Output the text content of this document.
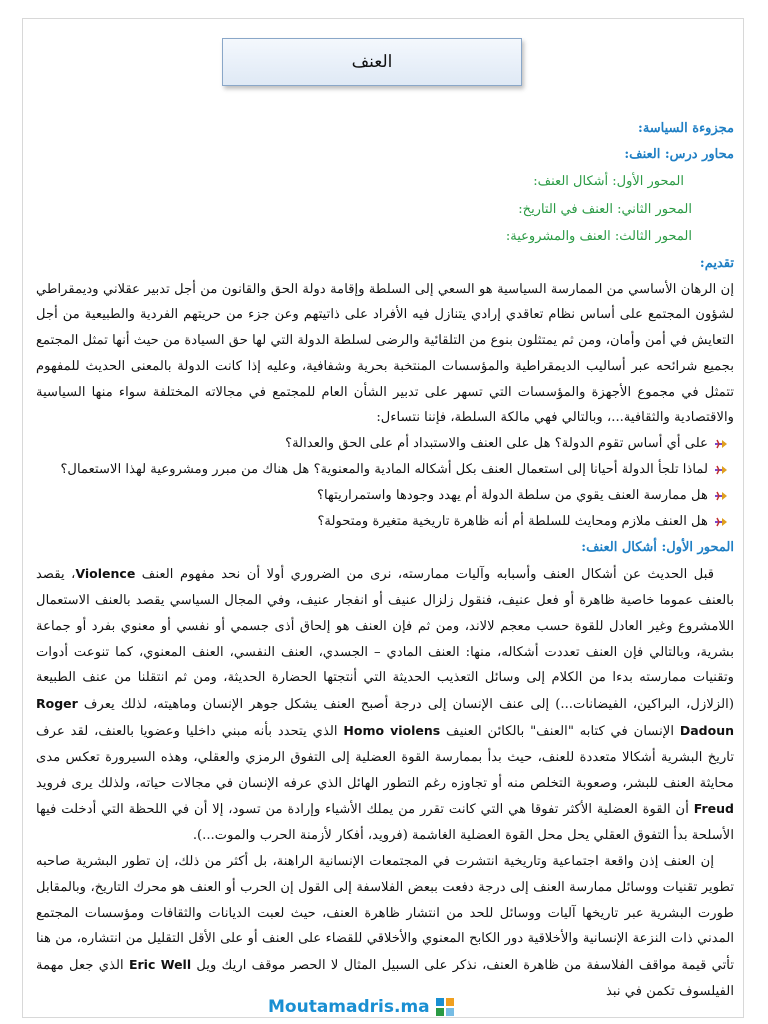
العنف
مجزوءة السياسة:
محاور درس: العنف:
المحور الأول: أشكال العنف:
المحور الثاني: العنف في التاريخ:
المحور الثالث: العنف والمشروعية:
تقديم:

إن الرهان الأساسي من الممارسة السياسية هو السعي إلى السلطة وإقامة دولة الحق والقانون من أجل تدبير عقلاني وديمقراطي لشؤون المجتمع على أساس نظام تعاقدي إرادي يتنازل فيه الأفراد على ذاتيتهم وعن جزء من حريتهم الفردية والطبيعية من أجل التعايش في أمن وأمان، ومن ثم يمتثلون بنوع من التلقائية والرضى لسلطة الدولة التي لها حق السيادة من حيث أنها تمثل المجتمع بجميع شرائحه عبر أساليب الديمقراطية والمؤسسات المنتخبة بحرية وشفافية، وعليه إذا كانت الدولة بالمعنى الحديث للمفهوم تتمثل في مجموع الأجهزة والمؤسسات التي تسهر على تدبير الشأن العام للمجتمع في مجالاته المختلفة سواء منها السياسية والاقتصادية والثقافية...، وبالتالي فهي مالكة السلطة، فإننا نتساءل:

على أي أساس تقوم الدولة؟ هل على العنف والاستبداد أم على الحق والعدالة؟
لماذا تلجأ الدولة أحيانا إلى استعمال العنف بكل أشكاله المادية والمعنوية؟ هل هناك من مبرر ومشروعية لهذا الاستعمال؟
هل ممارسة العنف يقوي من سلطة الدولة أم يهدد وجودها واستمراريتها؟
هل العنف ملازم ومحايث للسلطة أم أنه ظاهرة تاريخية متغيرة ومتحولة؟
المحور الأول: أشكال العنف:

قبل الحديث عن أشكال العنف وأسبابه وآليات ممارسته، نرى من الضروري أولا أن نحد مفهوم العنف Violence، يقصد بالعنف عموما خاصية ظاهرة أو فعل عنيف، فنقول زلزال عنيف أو انفجار عنيف، وفي المجال السياسي يقصد بالعنف الاستعمال اللامشروع وغير العادل للقوة حسب معجم لالاند، ومن ثم فإن العنف هو إلحاق أذى جسمي أو نفسي أو معنوي بفرد أو جماعة بشرية، وبالتالي فإن العنف تعددت أشكاله، منها: العنف المادي – الجسدي، العنف النفسي، العنف المعنوي، كما تنوعت أدوات وتقنيات ممارسته بدءا من الكلام إلى وسائل التعذيب الحديثة التي أنتجتها الحضارة الحديثة، ومن ثم انتقلنا من عنف الطبيعة (الزلازل، البراكين، الفيضانات...) إلى عنف الإنسان إلى درجة أصبح العنف يشكل جوهر الإنسان وماهيته، لذلك يعرف Roger Dadoun الإنسان في كتابه "العنف" بالكائن العنيف Homo violens الذي يتحدد بأنه مبني داخليا وعضويا بالعنف، لقد عرف تاريخ البشرية أشكالا متعددة للعنف، حيث بدأ بممارسة القوة العضلية إلى التفوق الرمزي والعقلي، وهذه السيرورة تعكس مدى محايثة العنف للبشر، وصعوبة التخلص منه أو تجاوزه رغم التطور الهائل الذي عرفه الإنسان في مجالات حياته، ولذلك يرى فرويد Freud أن القوة العضلية الأكثر تفوقا هي التي كانت تقرر من يملك الأشياء وإرادة من تسود، إلا أن في اللحظة التي أدخلت فيها الأسلحة بدأ التفوق العقلي يحل محل القوة العضلية الغاشمة (فرويد، أفكار لأزمنة الحرب والموت...).

إن العنف إذن واقعة اجتماعية وتاريخية انتشرت في المجتمعات الإنسانية الراهنة، بل أكثر من ذلك، إن تطور البشرية صاحبه تطوير تقنيات ووسائل ممارسة العنف إلى درجة دفعت ببعض الفلاسفة إلى القول إن الحرب أو العنف هو محرك التاريخ، وبالمقابل طورت البشرية عبر تاريخها آليات ووسائل للحد من انتشار ظاهرة العنف، حيث لعبت الديانات والثقافات ومؤسسات المجتمع المدني ذات النزعة الإنسانية والأخلاقية دور الكابح المعنوي والأخلاقي للقضاء على العنف أو على الأقل التقليل من انتشاره، من هنا تأتي قيمة مواقف الفلاسفة من ظاهرة العنف، نذكر على السبيل المثال لا الحصر موقف اريك ويل Eric Well الذي جعل مهمة الفيلسوف تكمن في نبذ

Moutamadris.ma
